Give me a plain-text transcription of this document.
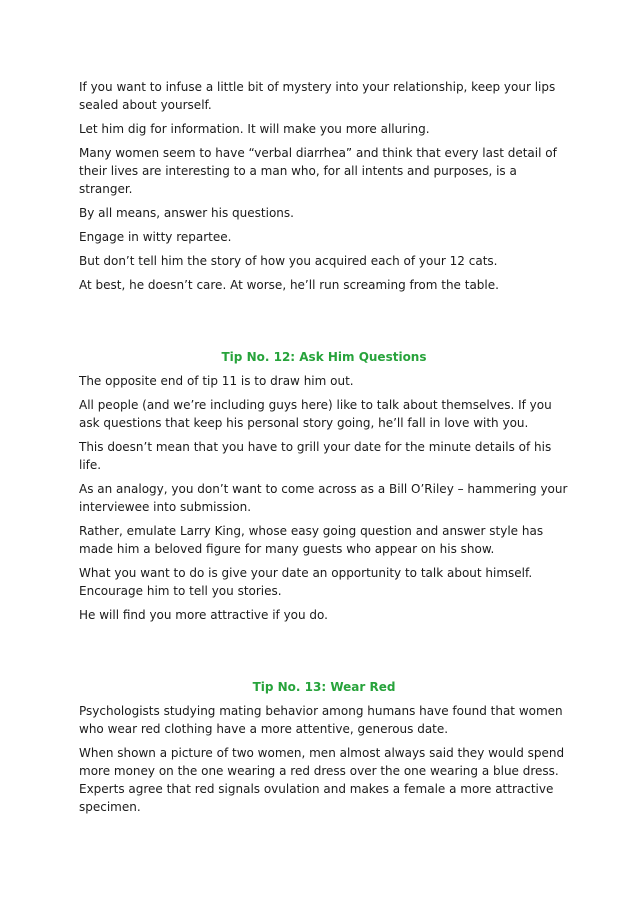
If you want to infuse a little bit of mystery into your relationship, keep your lips sealed about yourself.

Let him dig for information. It will make you more alluring.

Many women seem to have “verbal diarrhea” and think that every last detail of their lives are interesting to a man who, for all intents and purposes, is a stranger.

By all means, answer his questions.

Engage in witty repartee.

But don’t tell him the story of how you acquired each of your 12 cats.

At best, he doesn’t care. At worse, he’ll run screaming from the table.

Tip No. 12: Ask Him Questions

The opposite end of tip 11 is to draw him out.

All people (and we’re including guys here) like to talk about themselves. If you ask questions that keep his personal story going, he’ll fall in love with you.

This doesn’t mean that you have to grill your date for the minute details of his life.

As an analogy, you don’t want to come across as a Bill O’Riley – hammering your interviewee into submission.

Rather, emulate Larry King, whose easy going question and answer style has made him a beloved figure for many guests who appear on his show.

What you want to do is give your date an opportunity to talk about himself. Encourage him to tell you stories.

He will find you more attractive if you do.

Tip No. 13: Wear Red

Psychologists studying mating behavior among humans have found that women who wear red clothing have a more attentive, generous date.

When shown a picture of two women, men almost always said they would spend more money on the one wearing a red dress over the one wearing a blue dress. Experts agree that red signals ovulation and makes a female a more attractive specimen.
